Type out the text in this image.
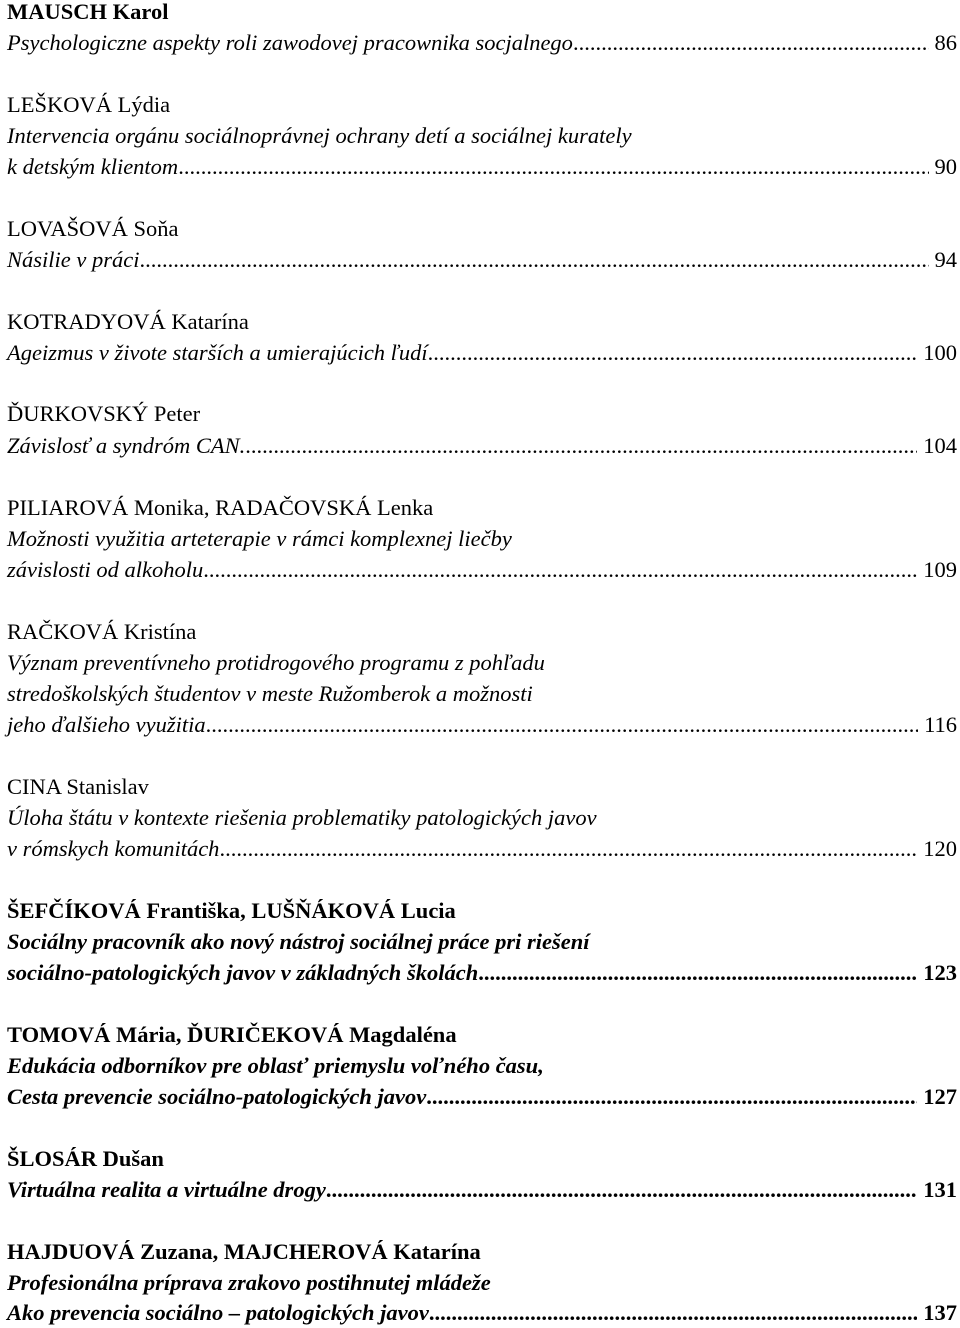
MAUSCH Karol
Psychologiczne aspekty roli zawodovej pracownika socjalnego .....	86
LEŠKOVÁ Lýdia
Intervencia orgánu sociálnoprávnej ochrany detí a sociálnej kurately
k detským klientom .....	90
LOVAŠOVÁ Soňa
Násilie v práci .....	94
KOTRADYOVÁ Katarína
Ageizmus v živote starších a umierajúcich ľudí .....	100
ĎURKOVSKÝ Peter
Závislosť a syndróm CAN. .....	104
PILIAROVÁ Monika, RADAČOVSKÁ Lenka
Možnosti využitia arteterapie v rámci komplexnej liečby
závislosti od alkoholu .....	109
RAČKOVÁ Kristína
Význam preventívneho protidrogového programu z pohľadu
stredoškolských študentov v meste Ružomberok a možnosti
jeho ďalšieho využitia .....	116
CINA Stanislav
Úloha štátu v kontexte riešenia problematiky patologických javov
v rómskych komunitách .....	120
ŠEFČÍKOVÁ Františka, LUŠŇÁKOVÁ Lucia
Sociálny pracovník ako nový nástroj sociálnej práce pri riešení
sociálno-patologických javov v základných školách .....	123
TOMOVÁ Mária, ĎURIČEKOVÁ Magdaléna
Edukácia odborníkov pre oblasť priemyslu voľného času,
Cesta prevencie sociálno-patologických javov .....	127
ŠLOSÁR Dušan
Virtuálna realita a virtuálne drogy .....	131
HAJDUOVÁ Zuzana, MAJCHEROVÁ Katarína
Profesionálna príprava zrakovo postihnutej mládeže
Ako prevencia sociálno – patologických javov .....	137
